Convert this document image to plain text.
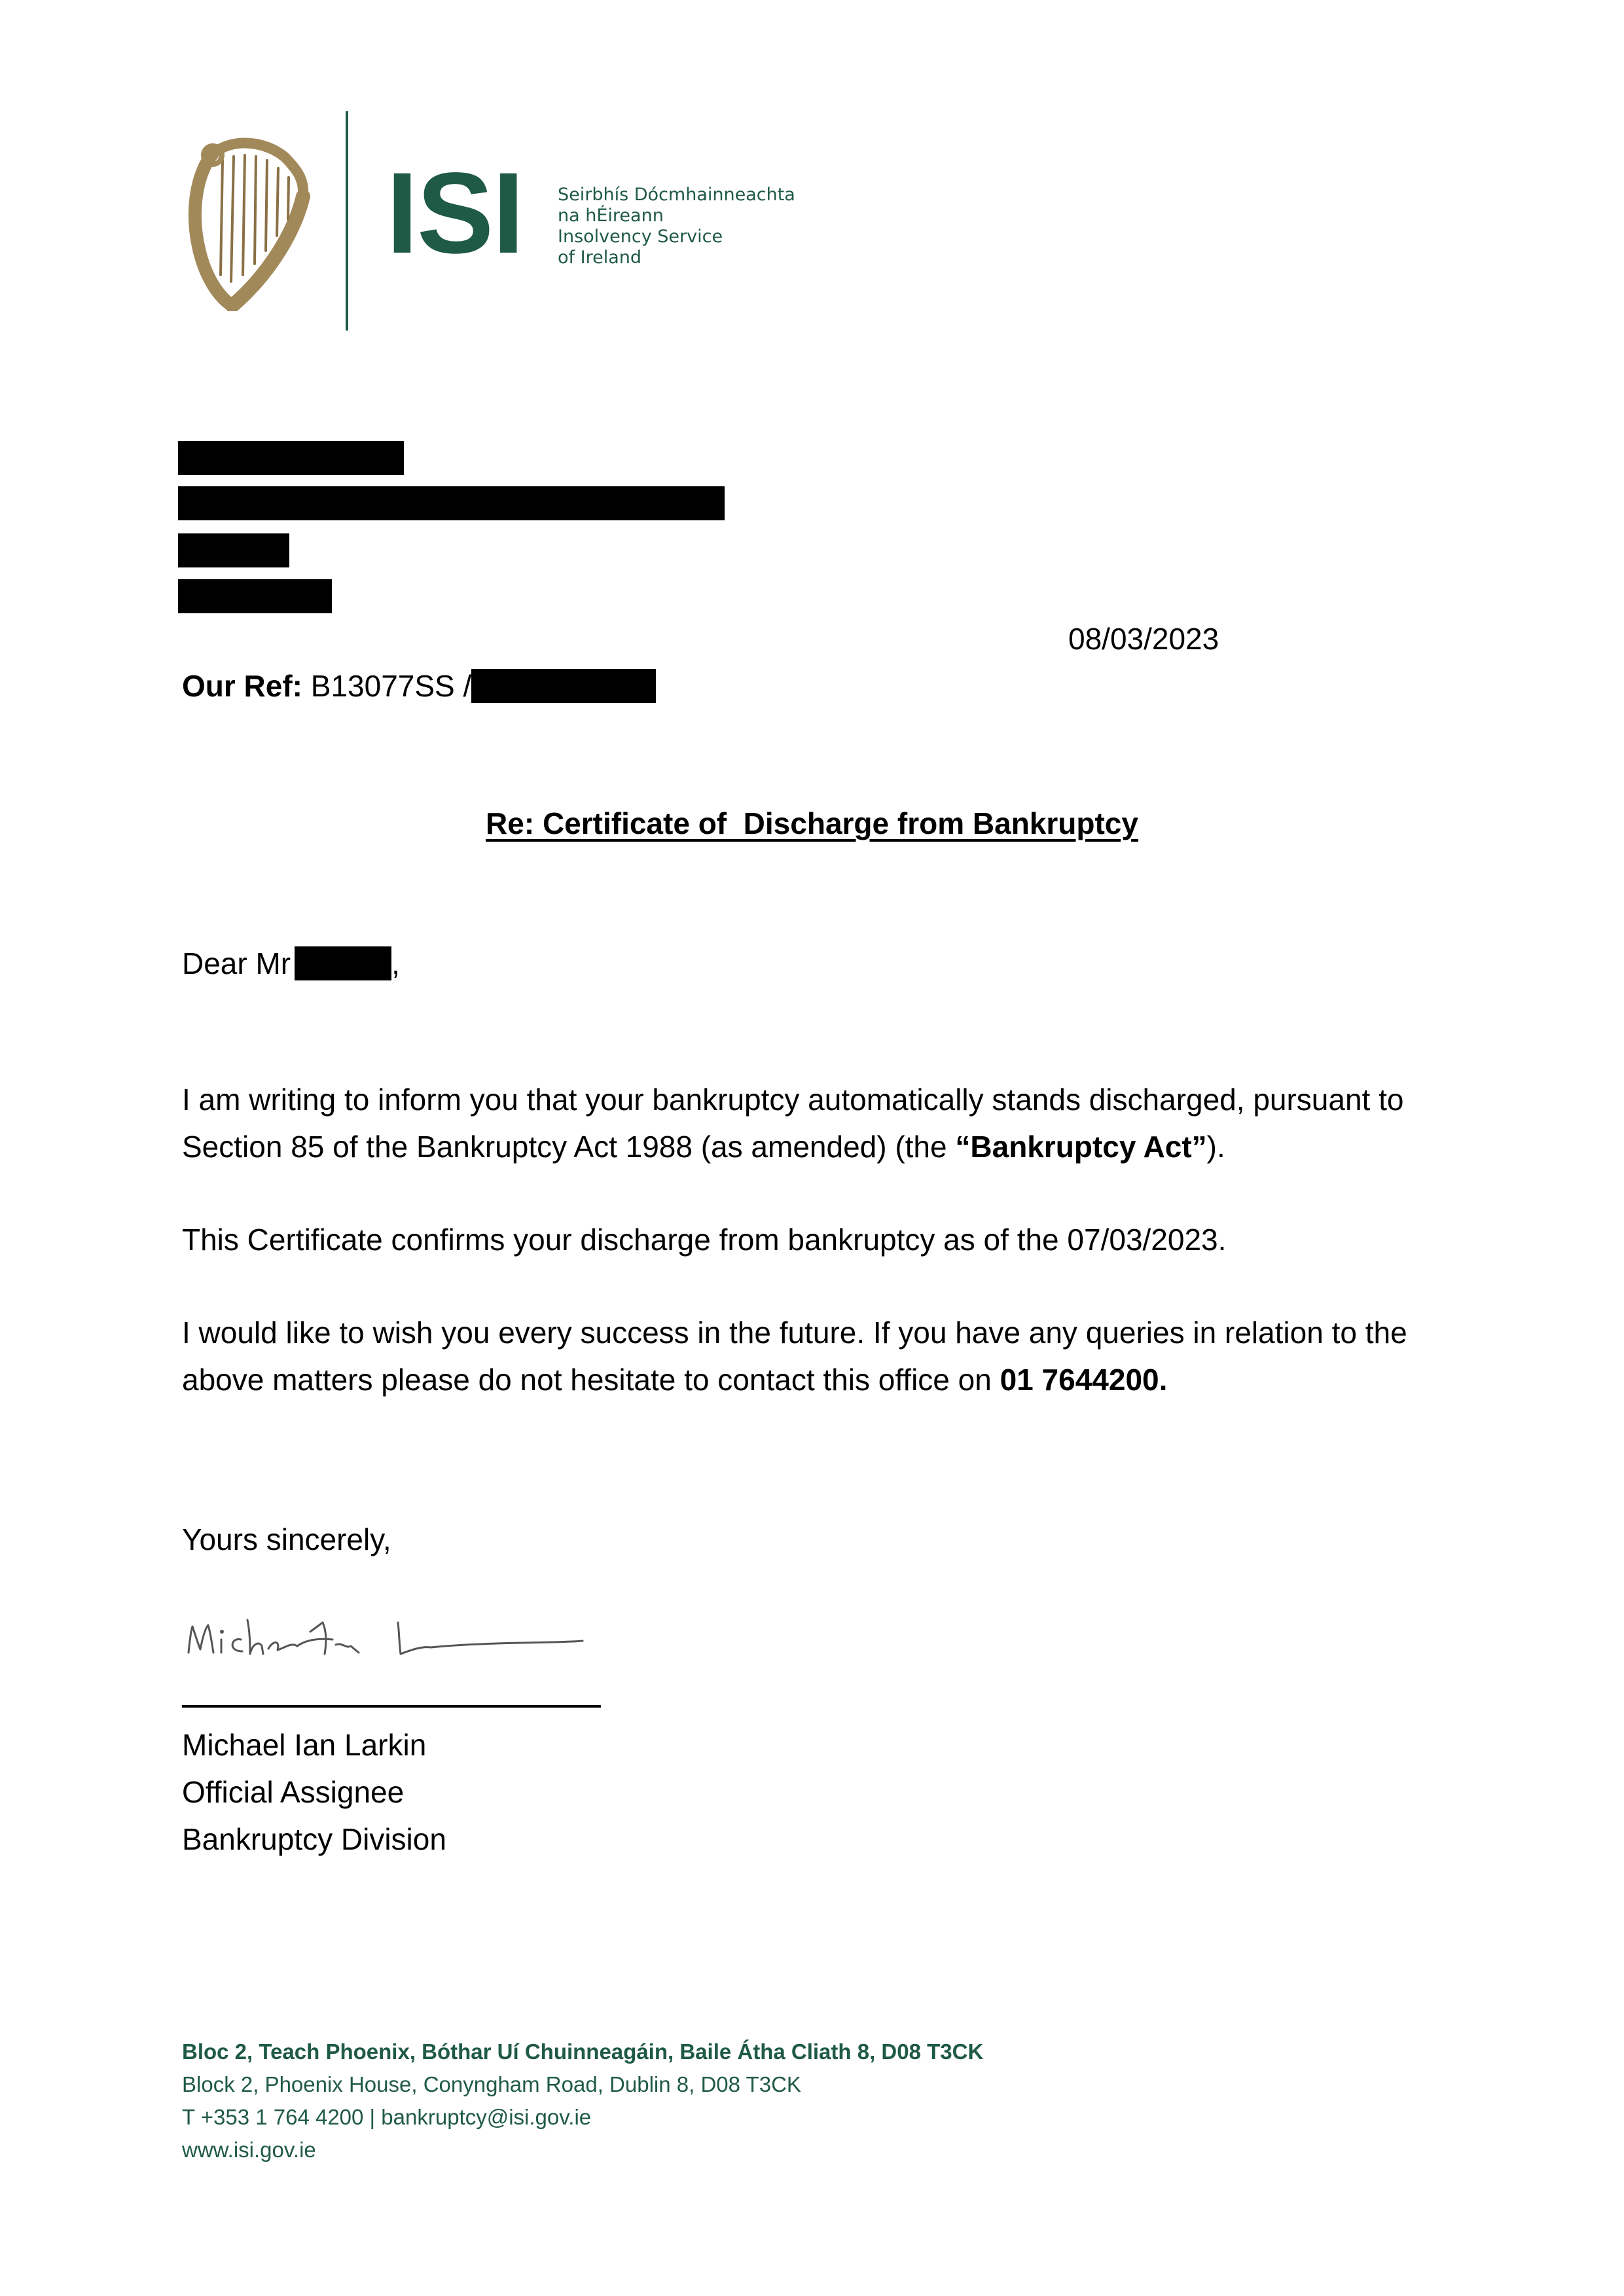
ISI Seirbhís Dócmhainneachta
na hÉireann
Insolvency Service
of Ireland
08/03/2023
Our Ref: B13077SS /
Re: Certificate of  Discharge from Bankruptcy
Dear Mr	,
I am writing to inform you that your bankruptcy automatically stands discharged, pursuant to
Section 85 of the Bankruptcy Act 1988 (as amended) (the “Bankruptcy Act”).
This Certificate confirms your discharge from bankruptcy as of the 07/03/2023.
I would like to wish you every success in the future. If you have any queries in relation to the
above matters please do not hesitate to contact this office on 01 7644200.
Yours sincerely,
Michael Ian Larkin
Official Assignee
Bankruptcy Division
Bloc 2, Teach Phoenix, Bóthar Uí Chuinneagáin, Baile Átha Cliath 8, D08 T3CK
Block 2, Phoenix House, Conyngham Road, Dublin 8, D08 T3CK
T +353 1 764 4200 | bankruptcy@isi.gov.ie
www.isi.gov.ie
